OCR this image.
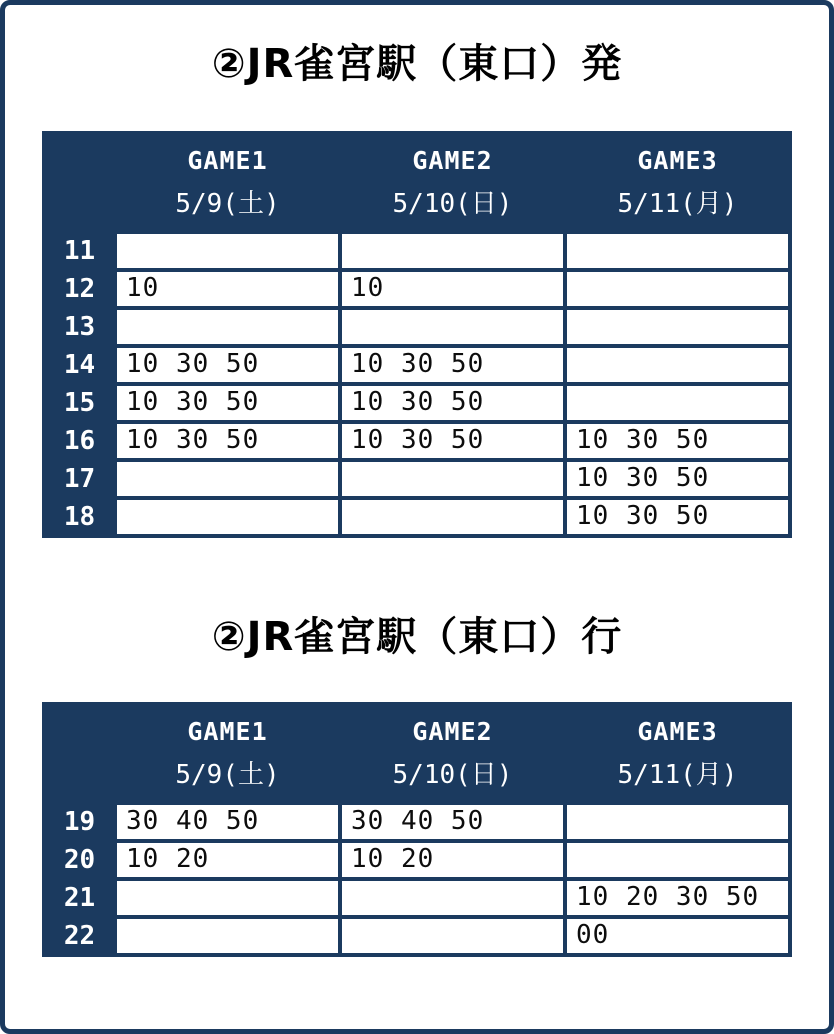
②JR雀宮駅（東口）発
	GAME1	GAME2	GAME3
	5/9(土)	5/10(日)	5/11(月)
11			
12	10	10	
13			
14	10 30 50	10 30 50	
15	10 30 50	10 30 50	
16	10 30 50	10 30 50	10 30 50
17			10 30 50
18			10 30 50
②JR雀宮駅（東口）行
	GAME1	GAME2	GAME3
	5/9(土)	5/10(日)	5/11(月)
19	30 40 50	30 40 50	
20	10 20	10 20	
21			10 20 30 50
22			00
